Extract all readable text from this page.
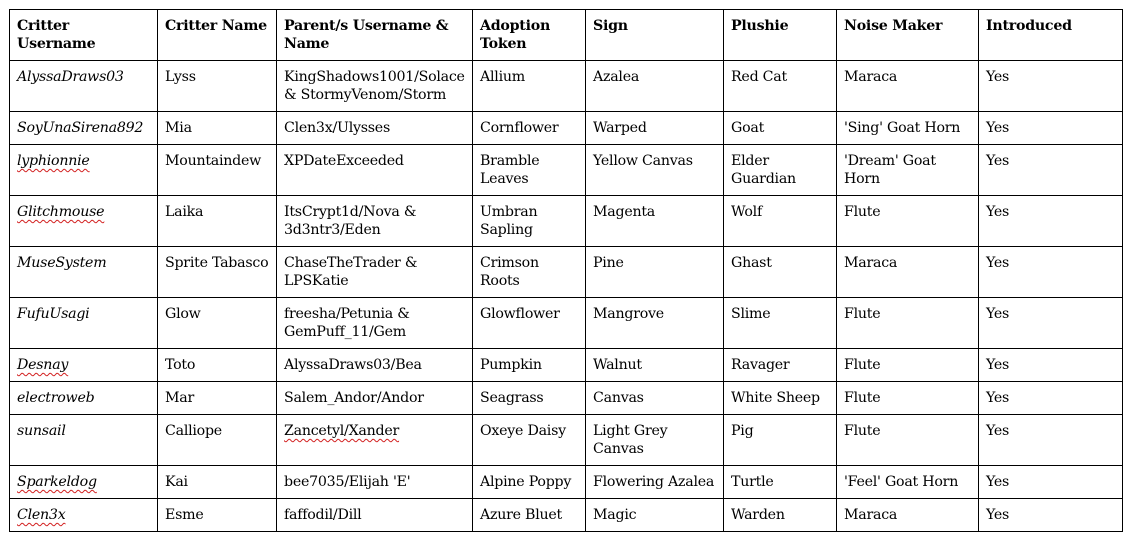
Critter Username	Critter Name	Parent/s Username & Name	Adoption Token	Sign	Plushie	Noise Maker	Introduced
AlyssaDraws03	Lyss	KingShadows1001/Solace & StormyVenom/Storm	Allium	Azalea	Red Cat	Maraca	Yes
SoyUnaSirena892	Mia	Clen3x/Ulysses	Cornflower	Warped	Goat	'Sing' Goat Horn	Yes
lyphionnie	Mountaindew	XPDateExceeded	Bramble Leaves	Yellow Canvas	Elder Guardian	'Dream' Goat Horn	Yes
Glitchmouse	Laika	ItsCrypt1d/Nova & 3d3ntr3/Eden	Umbran Sapling	Magenta	Wolf	Flute	Yes
MuseSystem	Sprite Tabasco	ChaseTheTrader & LPSKatie	Crimson Roots	Pine	Ghast	Maraca	Yes
FufuUsagi	Glow	freesha/Petunia & GemPuff_11/Gem	Glowflower	Mangrove	Slime	Flute	Yes
Desnay	Toto	AlyssaDraws03/Bea	Pumpkin	Walnut	Ravager	Flute	Yes
electroweb	Mar	Salem_Andor/Andor	Seagrass	Canvas	White Sheep	Flute	Yes
sunsail	Calliope	Zancetyl/Xander	Oxeye Daisy	Light Grey Canvas	Pig	Flute	Yes
Sparkeldog	Kai	bee7035/Elijah 'E'	Alpine Poppy	Flowering Azalea	Turtle	'Feel' Goat Horn	Yes
Clen3x	Esme	faffodil/Dill	Azure Bluet	Magic	Warden	Maraca	Yes
